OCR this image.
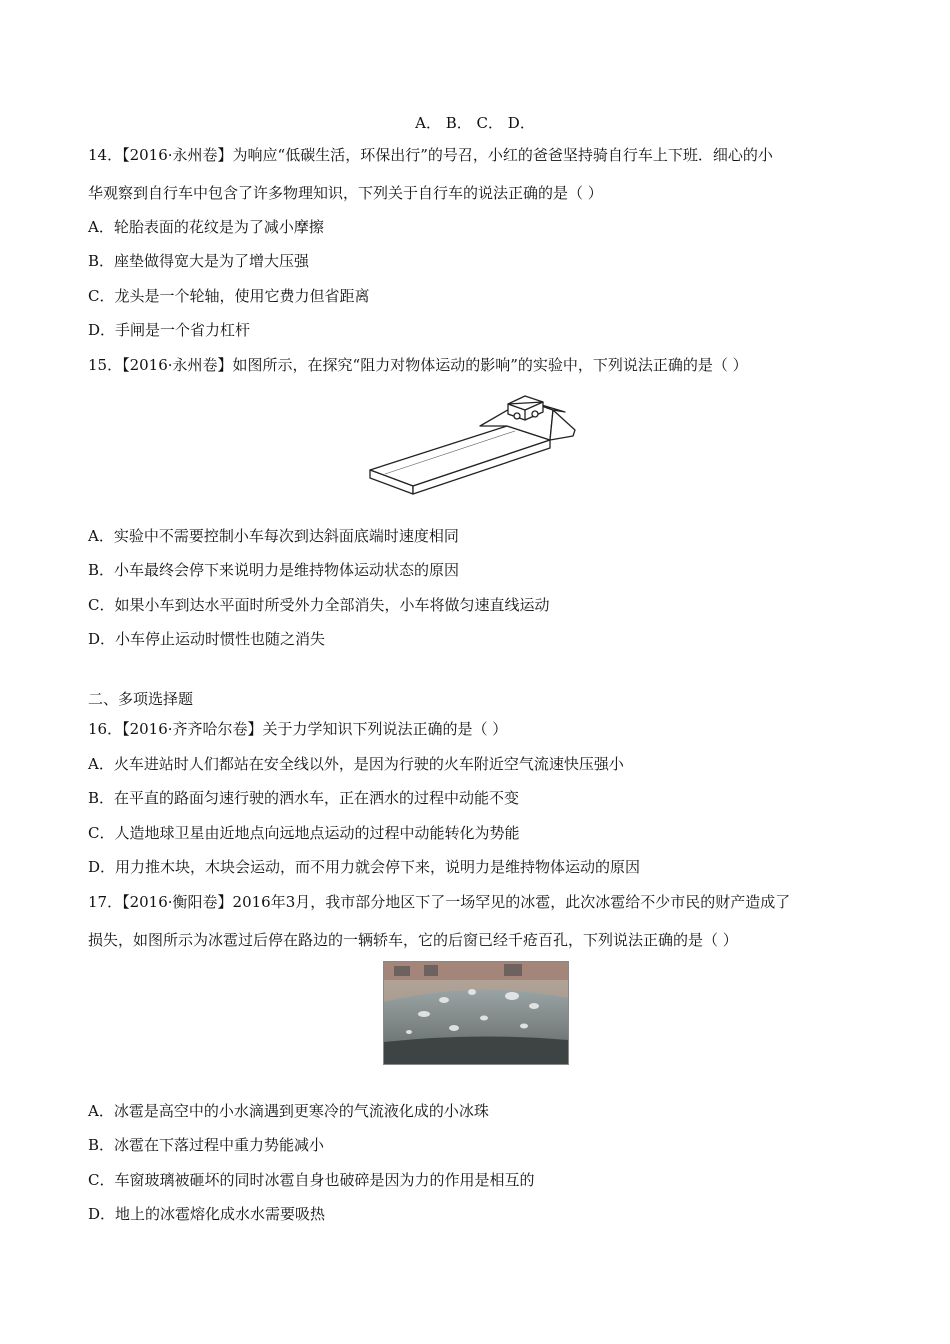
A． B． C． D．
14．【2016·永州卷】为响应“低碳生活，环保出行”的号召，小红的爸爸坚持骑自行车上下班．细心的小
华观察到自行车中包含了许多物理知识，下列关于自行车的说法正确的是（ ）
A．轮胎表面的花纹是为了减小摩擦
B．座垫做得宽大是为了增大压强
C．龙头是一个轮轴，使用它费力但省距离
D．手闸是一个省力杠杆
15．【2016·永州卷】如图所示，在探究“阻力对物体运动的影响”的实验中，下列说法正确的是（ ）
A．实验中不需要控制小车每次到达斜面底端时速度相同
B．小车最终会停下来说明力是维持物体运动状态的原因
C．如果小车到达水平面时所受外力全部消失，小车将做匀速直线运动
D．小车停止运动时惯性也随之消失
二、多项选择题
16．【2016·齐齐哈尔卷】关于力学知识下列说法正确的是（ ）
A．火车进站时人们都站在安全线以外，是因为行驶的火车附近空气流速快压强小
B．在平直的路面匀速行驶的洒水车，正在洒水的过程中动能不变
C．人造地球卫星由近地点向远地点运动的过程中动能转化为势能
D．用力推木块，木块会运动，而不用力就会停下来，说明力是维持物体运动的原因
17．【2016·衡阳卷】2016年3月，我市部分地区下了一场罕见的冰雹，此次冰雹给不少市民的财产造成了
损失，如图所示为冰雹过后停在路边的一辆轿车，它的后窗已经千疮百孔，下列说法正确的是（ ）
A．冰雹是高空中的小水滴遇到更寒冷的气流液化成的小冰珠
B．冰雹在下落过程中重力势能减小
C．车窗玻璃被砸坏的同时冰雹自身也破碎是因为力的作用是相互的
D．地上的冰雹熔化成水水需要吸热
